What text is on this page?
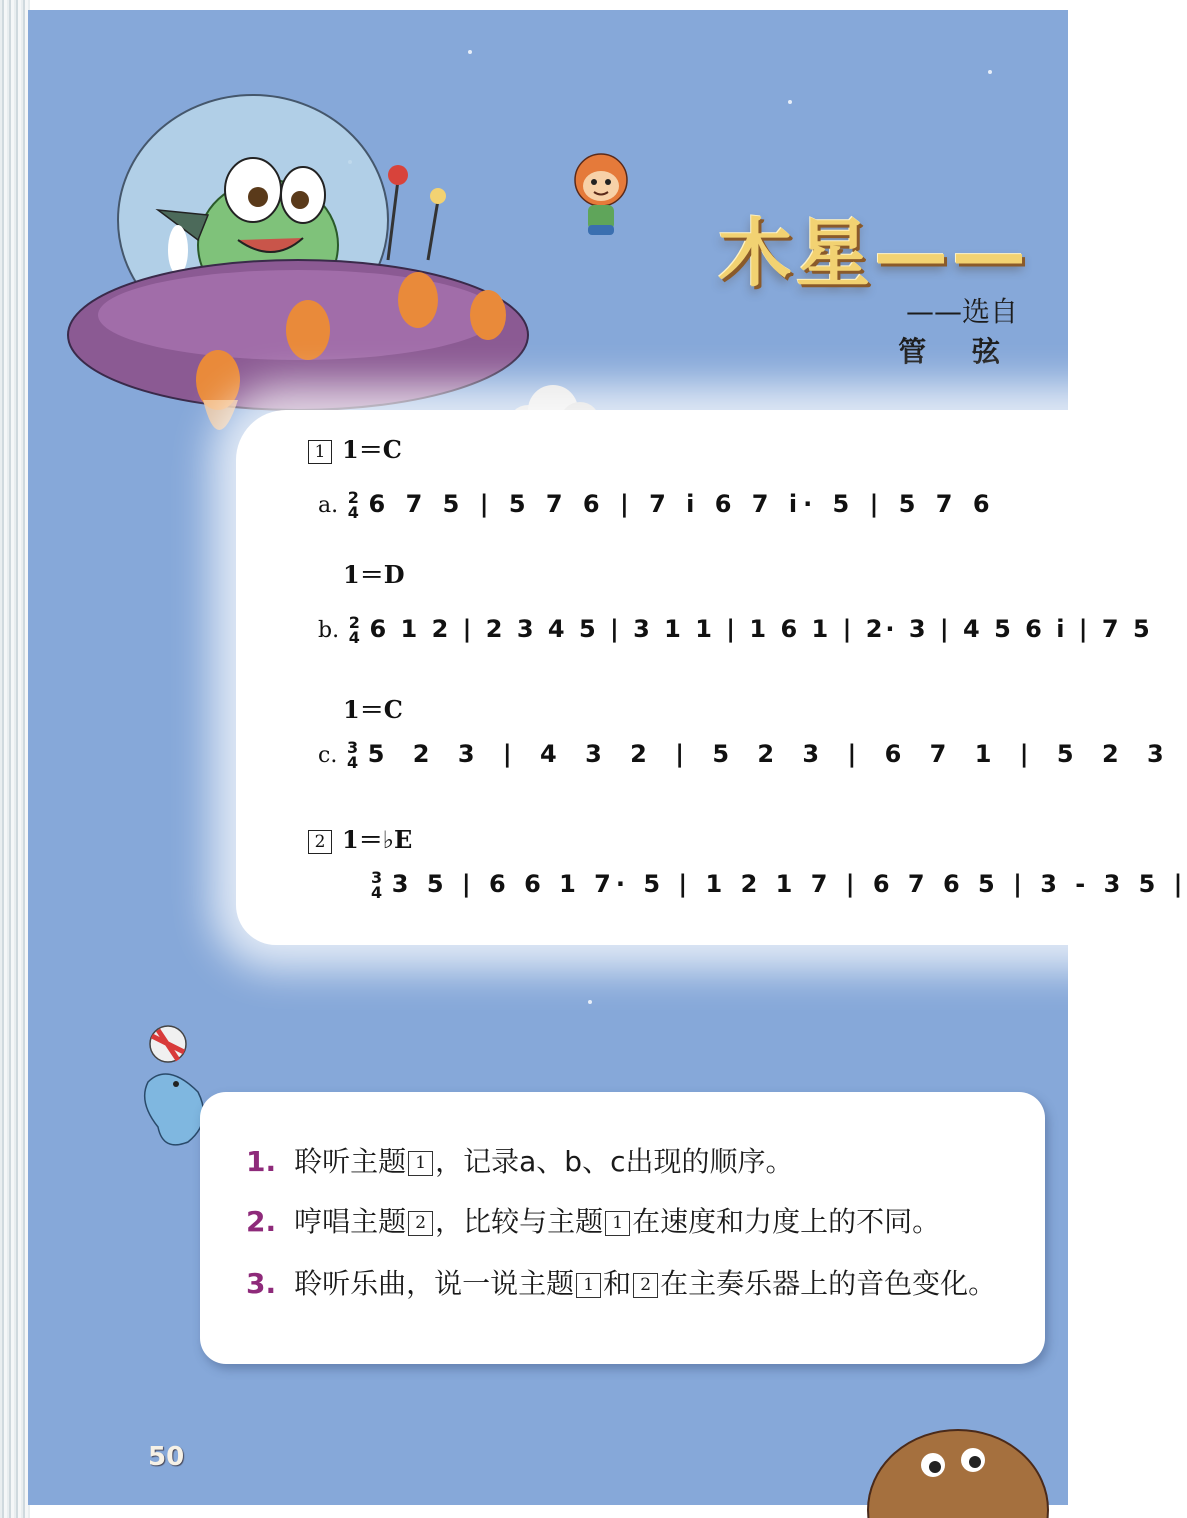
木星——
——选自
管 弦
1 1＝C
a. 2
4 6 7 5 | 5 7 6 | 7 i 6 7 i· 5 | 5 7 6
1＝D
b. 2
4 6 1 2 | 2 3 4 5 | 3 1 1 | 1 6 1 | 2· 3 | 4 5 6 i | 7 5
1＝C
c. 3
4 5 2 3 | 4 3 2 | 5 2 3 | 6 7 1 | 5 2 3
2 1＝♭E
3
4 3 5 | 6 6 1 7· 5 | 1 2 1 7 | 6 7 6 5 | 3 - 3 5 |
1. 聆听主题 1 ，记录a、b、c出现的顺序。
2. 哼唱主题 2 ，比较与主题 1 在速度和力度上的不同。
3. 聆听乐曲，说一说主题 1 和 2 在主奏乐器上的音色变化。
50
